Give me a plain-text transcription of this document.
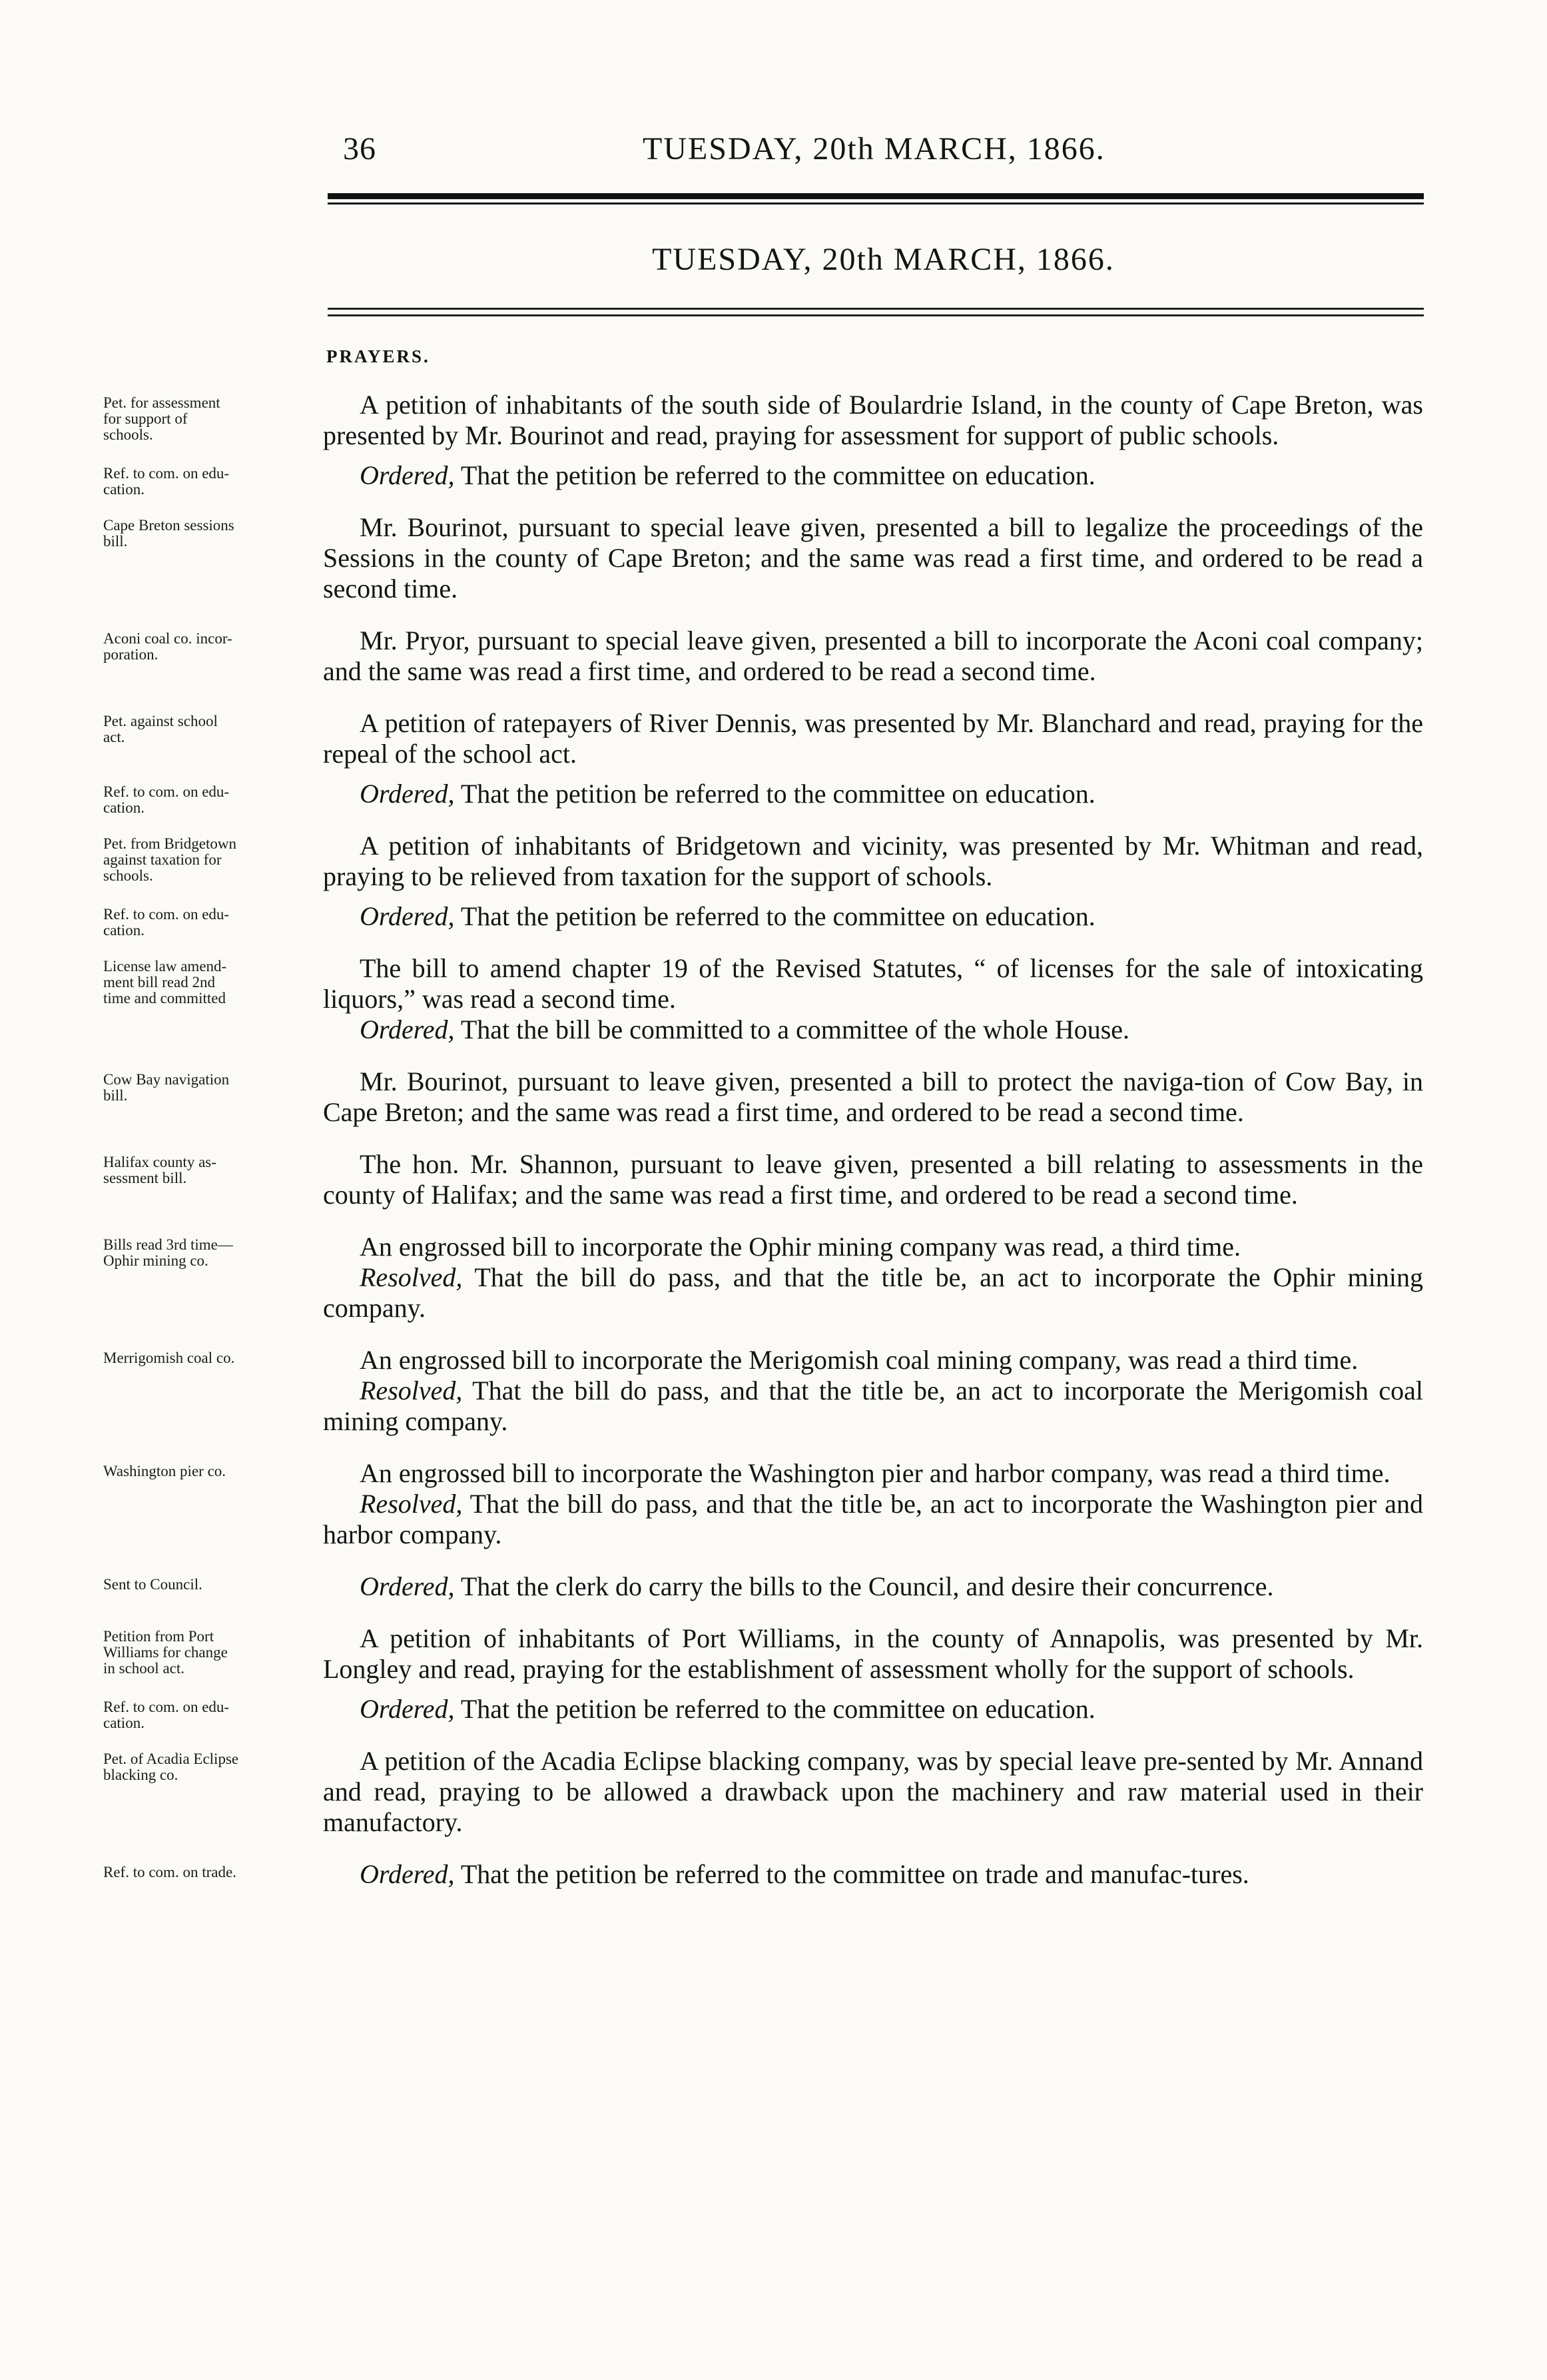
36	TUESDAY, 20th MARCH, 1866.
TUESDAY, 20th MARCH, 1866.
PRAYERS.
Pet. for assessment
for support of
schools.

A petition of inhabitants of the south side of Boulardrie Island, in the county of Cape Breton, was presented by Mr. Bourinot and read, praying for assessment for support of public schools.

Ref. to com. on edu-
cation.	Ordered, That the petition be referred to the committee on education.

Cape Breton sessions
bill.	Mr. Bourinot, pursuant to special leave given, presented a bill to legalize the proceedings of the Sessions in the county of Cape Breton; and the same was read a first time, and ordered to be read a second time.

Aconi coal co. incor-
poration.	Mr. Pryor, pursuant to special leave given, presented a bill to incorporate the Aconi coal company; and the same was read a first time, and ordered to be read a second time.

Pet. against school
act.	A petition of ratepayers of River Dennis, was presented by Mr. Blanchard and read, praying for the repeal of the school act.

Ref. to com. on edu-
cation.	Ordered, That the petition be referred to the committee on education.

Pet. from Bridgetown
against taxation for
schools.

A petition of inhabitants of Bridgetown and vicinity, was presented by Mr. Whitman and read, praying to be relieved from taxation for the support of schools.

Ref. to com. on edu-
cation.	Ordered, That the petition be referred to the committee on education.

License law amend-
ment bill read 2nd
time and committed

The bill to amend chapter 19 of the Revised Statutes, “ of licenses for the sale of intoxicating liquors,” was read a second time.

Ordered, That the bill be committed to a committee of the whole House.

Cow Bay navigation
bill.	Mr. Bourinot, pursuant to leave given, presented a bill to protect the naviga-tion of Cow Bay, in Cape Breton; and the same was read a first time, and ordered to be read a second time.

Halifax county as-
sessment bill.	The hon. Mr. Shannon, pursuant to leave given, presented a bill relating to assessments in the county of Halifax; and the same was read a first time, and ordered to be read a second time.

Bills read 3rd time—
Ophir mining co.	An engrossed bill to incorporate the Ophir mining company was read, a third time.

Resolved, That the bill do pass, and that the title be, an act to incorporate the Ophir mining company.

Merrigomish coal co.	An engrossed bill to incorporate the Merigomish coal mining company, was read a third time.

Resolved, That the bill do pass, and that the title be, an act to incorporate the Merigomish coal mining company.

Washington pier co.	An engrossed bill to incorporate the Washington pier and harbor company, was read a third time.

Resolved, That the bill do pass, and that the title be, an act to incorporate the Washington pier and harbor company.

Sent to Council.	Ordered, That the clerk do carry the bills to the Council, and desire their concurrence.

Petition from Port
Williams for change
in school act.

A petition of inhabitants of Port Williams, in the county of Annapolis, was presented by Mr. Longley and read, praying for the establishment of assessment wholly for the support of schools.

Ref. to com. on edu-
cation.	Ordered, That the petition be referred to the committee on education.

Pet. of Acadia Eclipse
blacking co.	A petition of the Acadia Eclipse blacking company, was by special leave pre-sented by Mr. Annand and read, praying to be allowed a drawback upon the machinery and raw material used in their manufactory.

Ref. to com. on trade.	Ordered, That the petition be referred to the committee on trade and manufac-tures.
